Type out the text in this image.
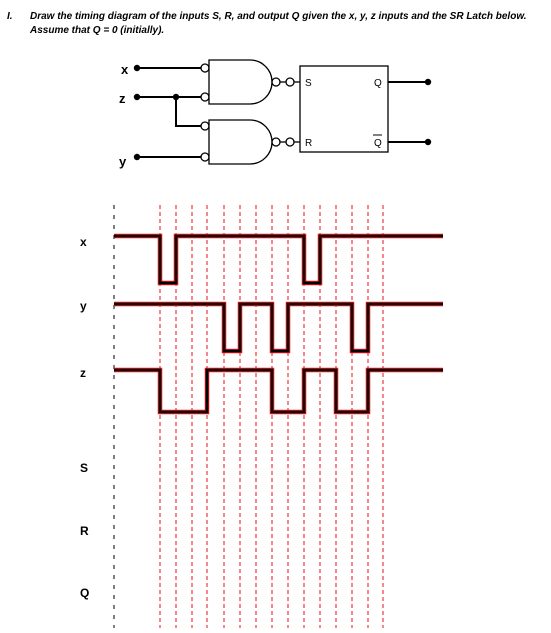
I. Draw the timing diagram of the inputs S, R, and output Q given the x, y, z inputs and the SR Latch below.
Assume that Q = 0 (initially).
x
z
y
S
R
Q
Q
x
y
z
S
R
Q
